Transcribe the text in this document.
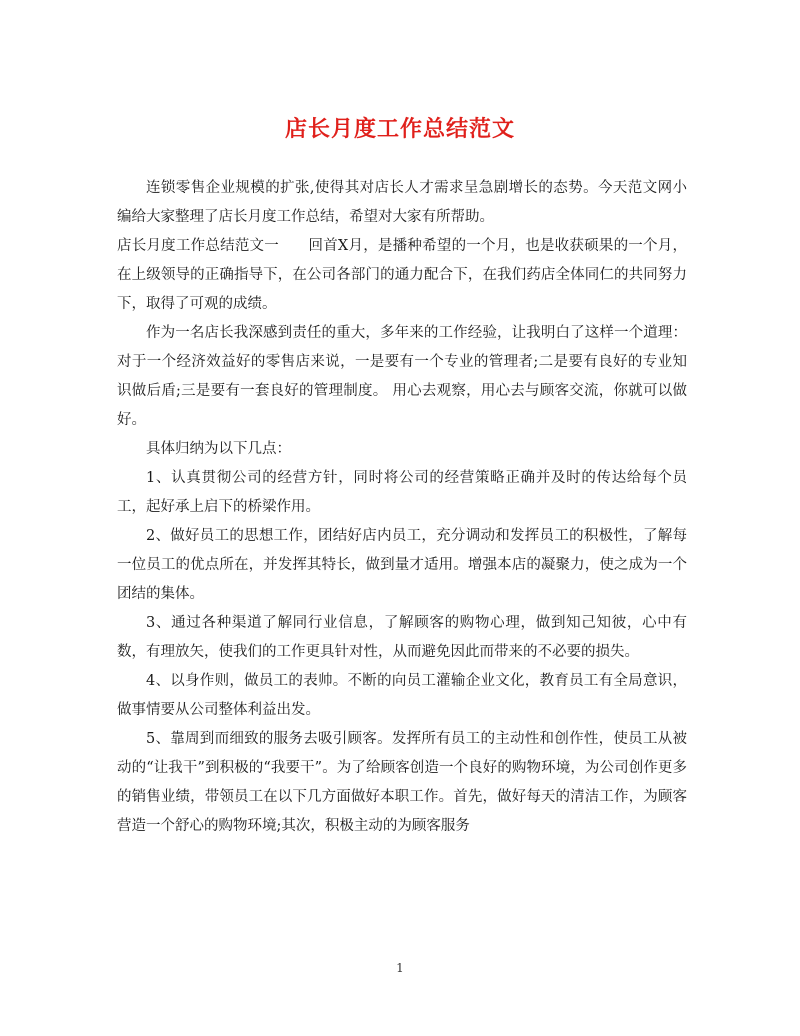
店长月度工作总结范文

连锁零售企业规模的扩张,使得其对店长人才需求呈急剧增长的态势。今天范文网小编给大家整理了店长月度工作总结，希望对大家有所帮助。

店长月度工作总结范文一　　回首X月，是播种希望的一个月，也是收获硕果的一个月，在上级领导的正确指导下，在公司各部门的通力配合下，在我们药店全体同仁的共同努力下，取得了可观的成绩。

作为一名店长我深感到责任的重大，多年来的工作经验，让我明白了这样一个道理：对于一个经济效益好的零售店来说，一是要有一个专业的管理者;二是要有良好的专业知识做后盾;三是要有一套良好的管理制度。 用心去观察，用心去与顾客交流，你就可以做好。

具体归纳为以下几点：

1、认真贯彻公司的经营方针，同时将公司的经营策略正确并及时的传达给每个员工，起好承上启下的桥梁作用。

2、做好员工的思想工作，团结好店内员工，充分调动和发挥员工的积极性，了解每一位员工的优点所在，并发挥其特长，做到量才适用。增强本店的凝聚力，使之成为一个团结的集体。

3、通过各种渠道了解同行业信息，了解顾客的购物心理，做到知己知彼，心中有数，有理放矢，使我们的工作更具针对性，从而避免因此而带来的不必要的损失。

4、以身作则，做员工的表帅。不断的向员工灌输企业文化，教育员工有全局意识，做事情要从公司整体利益出发。

5、靠周到而细致的服务去吸引顾客。发挥所有员工的主动性和创作性，使员工从被动的“让我干”到积极的“我要干”。为了给顾客创造一个良好的购物环境，为公司创作更多的销售业绩，带领员工在以下几方面做好本职工作。首先，做好每天的清洁工作，为顾客营造一个舒心的购物环境;其次，积极主动的为顾客服务

1
